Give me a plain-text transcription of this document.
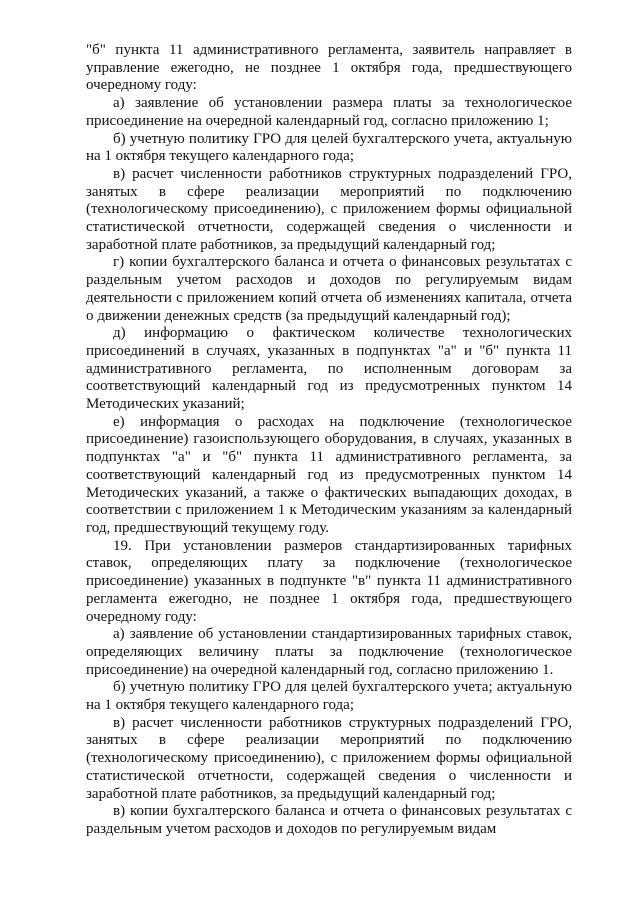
"б" пункта 11 административного регламента, заявитель направляет в управление ежегодно, не позднее 1 октября года, предшествующего очередному году:

а) заявление об установлении размера платы за технологическое присоединение на очередной календарный год, согласно приложению 1;

б) учетную политику ГРО для целей бухгалтерского учета, актуальную на 1 октября текущего календарного года;

в) расчет численности работников структурных подразделений ГРО, занятых в сфере реализации мероприятий по подключению (технологическому присоединению), с приложением формы официальной статистической отчетности, содержащей сведения о численности и заработной плате работников, за предыдущий календарный год;

г) копии бухгалтерского баланса и отчета о финансовых результатах с раздельным учетом расходов и доходов по регулируемым видам деятельности с приложением копий отчета об изменениях капитала, отчета о движении денежных средств (за предыдущий календарный год);

д) информацию о фактическом количестве технологических присоединений в случаях, указанных в подпунктах "а" и "б" пункта 11 административного регламента, по исполненным договорам за соответствующий календарный год из предусмотренных пунктом 14 Методических указаний;

е) информация о расходах на подключение (технологическое присоединение) газоиспользующего оборудования, в случаях, указанных в подпунктах "а" и "б" пункта 11 административного регламента, за соответствующий календарный год из предусмотренных пунктом 14 Методических указаний, а также о фактических выпадающих доходах, в соответствии с приложением 1 к Методическим указаниям за календарный год, предшествующий текущему году.

19. При установлении размеров стандартизированных тарифных ставок, определяющих плату за подключение (технологическое присоединение) указанных в подпункте "в" пункта 11 административного регламента ежегодно, не позднее 1 октября года, предшествующего очередному году:

а) заявление об установлении стандартизированных тарифных ставок, определяющих величину платы за подключение (технологическое присоединение) на очередной календарный год, согласно приложению 1.

б) учетную политику ГРО для целей бухгалтерского учета; актуальную на 1 октября текущего календарного года;

в) расчет численности работников структурных подразделений ГРО, занятых в сфере реализации мероприятий по подключению (технологическому присоединению), с приложением формы официальной статистической отчетности, содержащей сведения о численности и заработной плате работников, за предыдущий календарный год;

в) копии бухгалтерского баланса и отчета о финансовых результатах с раздельным учетом расходов и доходов по регулируемым видам
